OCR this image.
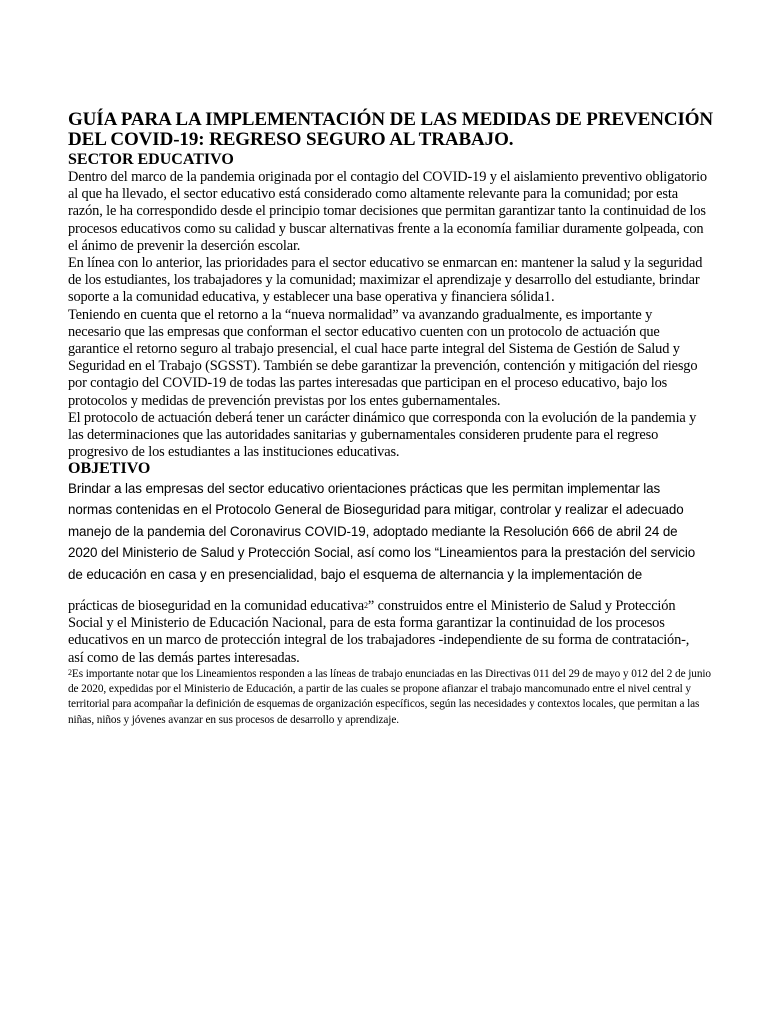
GUÍA PARA LA IMPLEMENTACIÓN DE LAS MEDIDAS DE PREVENCIÓN DEL COVID-19: REGRESO SEGURO AL TRABAJO.
SECTOR EDUCATIVO

Dentro del marco de la pandemia originada por el contagio del COVID-19 y el aislamiento preventivo obligatorio al que ha llevado, el sector educativo está considerado como altamente relevante para la comunidad; por esta razón, le ha correspondido desde el principio tomar decisiones que permitan garantizar tanto la continuidad de los procesos educativos como su calidad y buscar alternativas frente a la economía familiar duramente golpeada, con el ánimo de prevenir la deserción escolar.

En línea con lo anterior, las prioridades para el sector educativo se enmarcan en: mantener la salud y la seguridad de los estudiantes, los trabajadores y la comunidad; maximizar el aprendizaje y desarrollo del estudiante, brindar soporte a la comunidad educativa, y establecer una base operativa y financiera sólida1.

Teniendo en cuenta que el retorno a la “nueva normalidad” va avanzando gradualmente, es importante y necesario que las empresas que conforman el sector educativo cuenten con un protocolo de actuación que garantice el retorno seguro al trabajo presencial, el cual hace parte integral del Sistema de Gestión de Salud y Seguridad en el Trabajo (SGSST). También se debe garantizar la prevención, contención y mitigación del riesgo por contagio del COVID-19 de todas las partes interesadas que participan en el proceso educativo, bajo los protocolos y medidas de prevención previstas por los entes gubernamentales.

El protocolo de actuación deberá tener un carácter dinámico que corresponda con la evolución de la pandemia y las determinaciones que las autoridades sanitarias y gubernamentales consideren prudente para el regreso progresivo de los estudiantes a las instituciones educativas.

OBJETIVO
Brindar a las empresas del sector educativo orientaciones prácticas que les permitan implementar las
normas contenidas en el Protocolo General de Bioseguridad para mitigar, controlar y realizar el adecuado
manejo de la pandemia del Coronavirus COVID-19, adoptado mediante la Resolución 666 de abril 24 de
2020 del Ministerio de Salud y Protección Social, así como los “Lineamientos para la prestación del servicio
de educación en casa y en presencialidad, bajo el esquema de alternancia y la implementación de

prácticas de bioseguridad en la comunidad educativa$^2$” construidos entre el Ministerio de Salud y Protección Social y el Ministerio de Educación Nacional, para de esta forma garantizar la continuidad de los procesos educativos en un marco de protección integral de los trabajadores -independiente de su forma de contratación-, así como de las demás partes interesadas.

$^2$Es importante notar que los Lineamientos responden a las líneas de trabajo enunciadas en las Directivas 011 del 29 de mayo y 012 del 2 de junio de 2020, expedidas por el Ministerio de Educación, a partir de las cuales se propone afianzar el trabajo mancomunado entre el nivel central y territorial para acompañar la definición de esquemas de organización específicos, según las necesidades y contextos locales, que permitan a las niñas, niños y jóvenes avanzar en sus procesos de desarrollo y aprendizaje.
